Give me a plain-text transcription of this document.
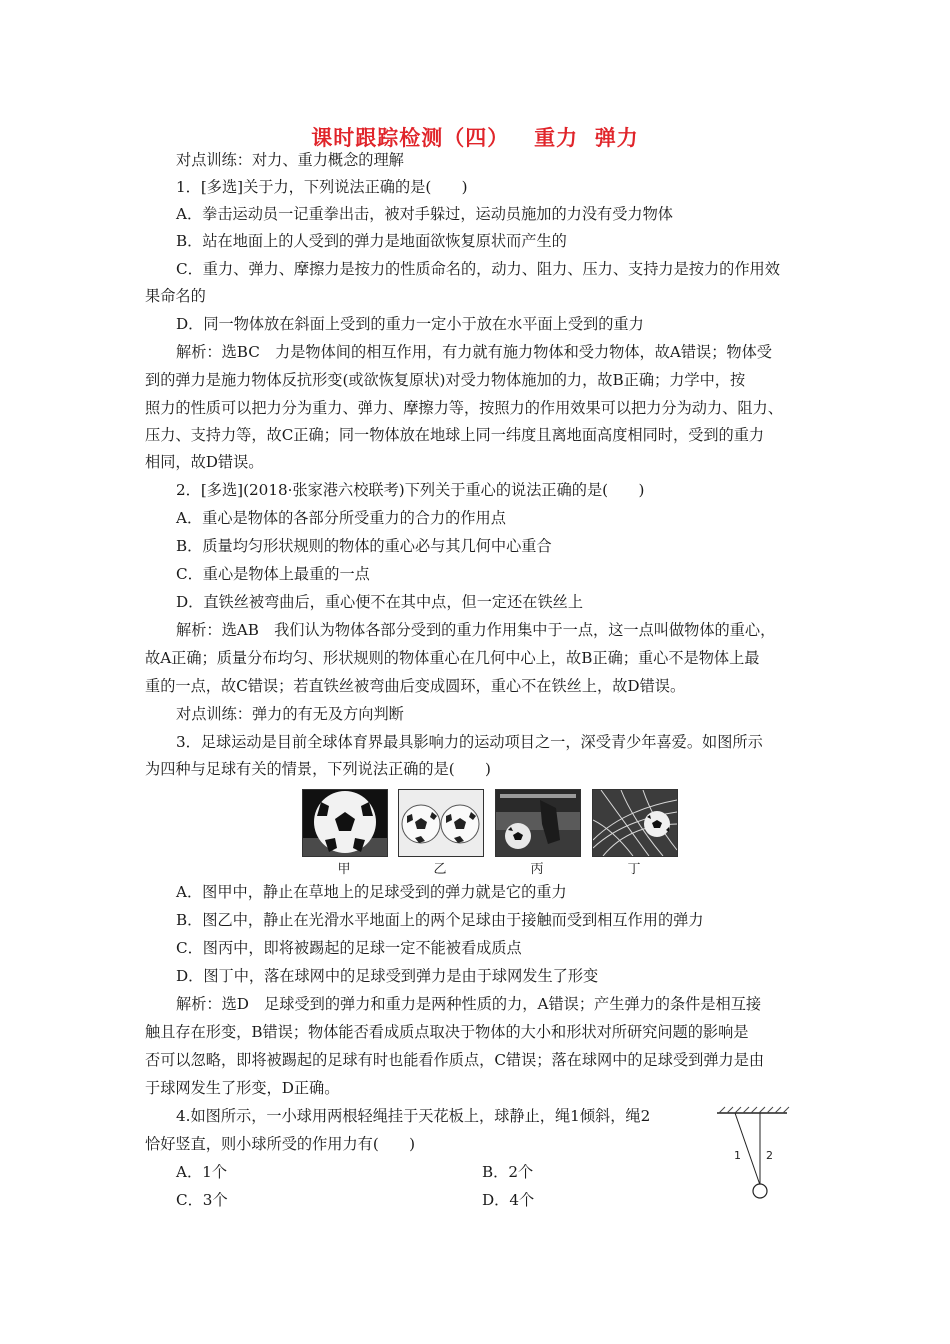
课时跟踪检测（四）   重力  弹力
对点训练：对力、重力概念的理解
1．[多选]关于力，下列说法正确的是(　　)
A．拳击运动员一记重拳出击，被对手躲过，运动员施加的力没有受力物体
B．站在地面上的人受到的弹力是地面欲恢复原状而产生的
C．重力、弹力、摩擦力是按力的性质命名的，动力、阻力、压力、支持力是按力的作用效
果命名的
D．同一物体放在斜面上受到的重力一定小于放在水平面上受到的重力
解析：选BC　力是物体间的相互作用，有力就有施力物体和受力物体，故A错误；物体受
到的弹力是施力物体反抗形变(或欲恢复原状)对受力物体施加的力，故B正确；力学中，按
照力的性质可以把力分为重力、弹力、摩擦力等，按照力的作用效果可以把力分为动力、阻力、
压力、支持力等，故C正确；同一物体放在地球上同一纬度且离地面高度相同时，受到的重力
相同，故D错误。
2．[多选](2018·张家港六校联考)下列关于重心的说法正确的是(　　)
A．重心是物体的各部分所受重力的合力的作用点
B．质量均匀形状规则的物体的重心必与其几何中心重合
C．重心是物体上最重的一点
D．直铁丝被弯曲后，重心便不在其中点，但一定还在铁丝上
解析：选AB　我们认为物体各部分受到的重力作用集中于一点，这一点叫做物体的重心，
故A正确；质量分布均匀、形状规则的物体重心在几何中心上，故B正确；重心不是物体上最
重的一点，故C错误；若直铁丝被弯曲后变成圆环，重心不在铁丝上，故D错误。
对点训练：弹力的有无及方向判断
3．足球运动是目前全球体育界最具影响力的运动项目之一，深受青少年喜爱。如图所示
为四种与足球有关的情景，下列说法正确的是(　　)
甲	乙	丙	丁
A．图甲中，静止在草地上的足球受到的弹力就是它的重力
B．图乙中，静止在光滑水平地面上的两个足球由于接触而受到相互作用的弹力
C．图丙中，即将被踢起的足球一定不能被看成质点
D．图丁中，落在球网中的足球受到弹力是由于球网发生了形变
解析：选D　足球受到的弹力和重力是两种性质的力，A错误；产生弹力的条件是相互接
触且存在形变，B错误；物体能否看成质点取决于物体的大小和形状对所研究问题的影响是
否可以忽略，即将被踢起的足球有时也能看作质点，C错误；落在球网中的足球受到弹力是由
于球网发生了形变，D正确。
4.如图所示，一小球用两根轻绳挂于天花板上，球静止，绳1倾斜，绳2
恰好竖直，则小球所受的作用力有(　　)
A．1个	B．2个
C．3个	D．4个
1 2
